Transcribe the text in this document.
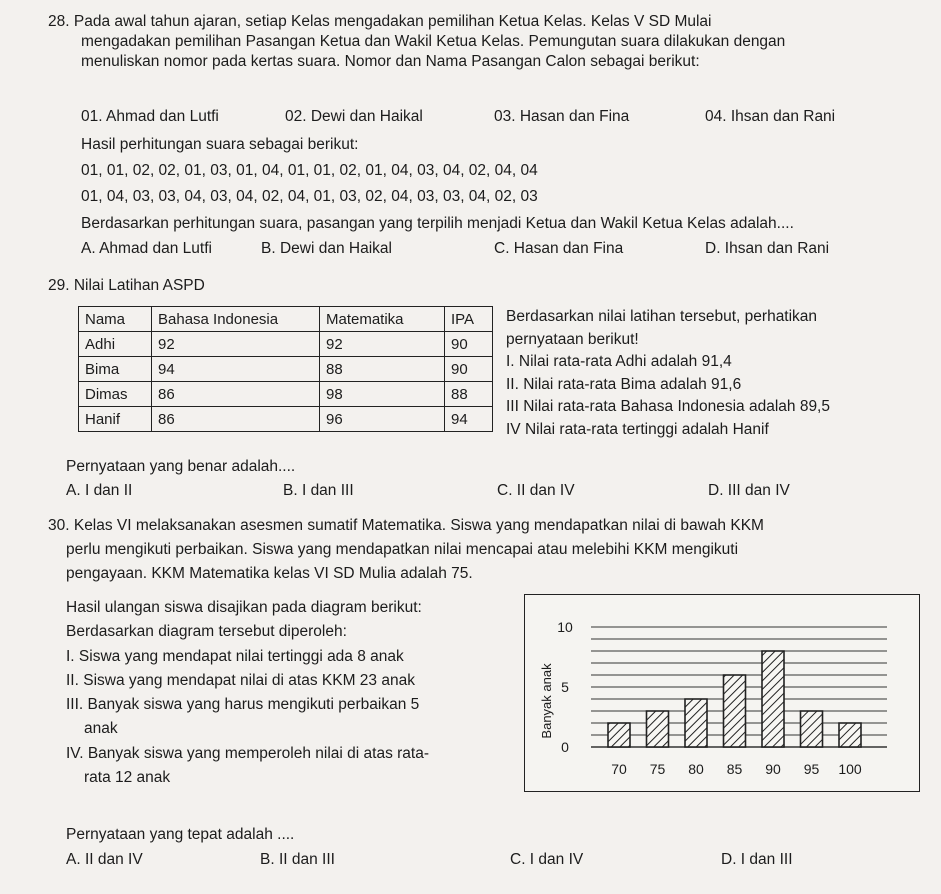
28. Pada awal tahun ajaran, setiap Kelas mengadakan pemilihan Ketua Kelas. Kelas V SD Mulai
mengadakan pemilihan Pasangan Ketua dan Wakil Ketua Kelas. Pemungutan suara dilakukan dengan
menuliskan nomor pada kertas suara. Nomor dan Nama Pasangan Calon sebagai berikut:
01. Ahmad dan Lutfi	02. Dewi dan Haikal	03. Hasan dan Fina	04. Ihsan dan Rani
Hasil perhitungan suara sebagai berikut:
01, 01, 02, 02, 01, 03, 01, 04, 01, 01, 02, 01, 04, 03, 04, 02, 04, 04
01, 04, 03, 03, 04, 03, 04, 02, 04, 01, 03, 02, 04, 03, 03, 04, 02, 03
Berdasarkan perhitungan suara, pasangan yang terpilih menjadi Ketua dan Wakil Ketua Kelas adalah....
A. Ahmad dan Lutfi	B. Dewi dan Haikal	C. Hasan dan Fina	D. Ihsan dan Rani
29. Nilai Latihan ASPD
Nama	Bahasa Indonesia	Matematika	IPA
Adhi	92	92	90
Bima	94	88	90
Dimas	86	98	88
Hanif	86	96	94
Berdasarkan nilai latihan tersebut, perhatikan
pernyataan berikut!
I. Nilai rata-rata Adhi adalah 91,4
II. Nilai rata-rata Bima adalah 91,6
III Nilai rata-rata Bahasa Indonesia adalah 89,5
IV Nilai rata-rata tertinggi adalah Hanif
Pernyataan yang benar adalah....
A. I dan II	B. I dan III	C. II dan IV	D. III dan IV
30. Kelas VI melaksanakan asesmen sumatif Matematika. Siswa yang mendapatkan nilai di bawah KKM
perlu mengikuti perbaikan. Siswa yang mendapatkan nilai mencapai atau melebihi KKM mengikuti
pengayaan. KKM Matematika kelas VI SD Mulia adalah 75.
Hasil ulangan siswa disajikan pada diagram berikut:
Berdasarkan diagram tersebut diperoleh:
I. Siswa yang mendapat nilai tertinggi ada 8 anak
II. Siswa yang mendapat nilai di atas KKM 23 anak
III. Banyak siswa yang harus mengikuti perbaikan 5
anak
IV. Banyak siswa yang memperoleh nilai di atas rata-
rata 12 anak
0
5
10
70 75 80 85 90 95 100
Banyak anak
Pernyataan yang tepat adalah ....
A. II dan IV	B. II dan III	C. I dan IV	D. I dan III
